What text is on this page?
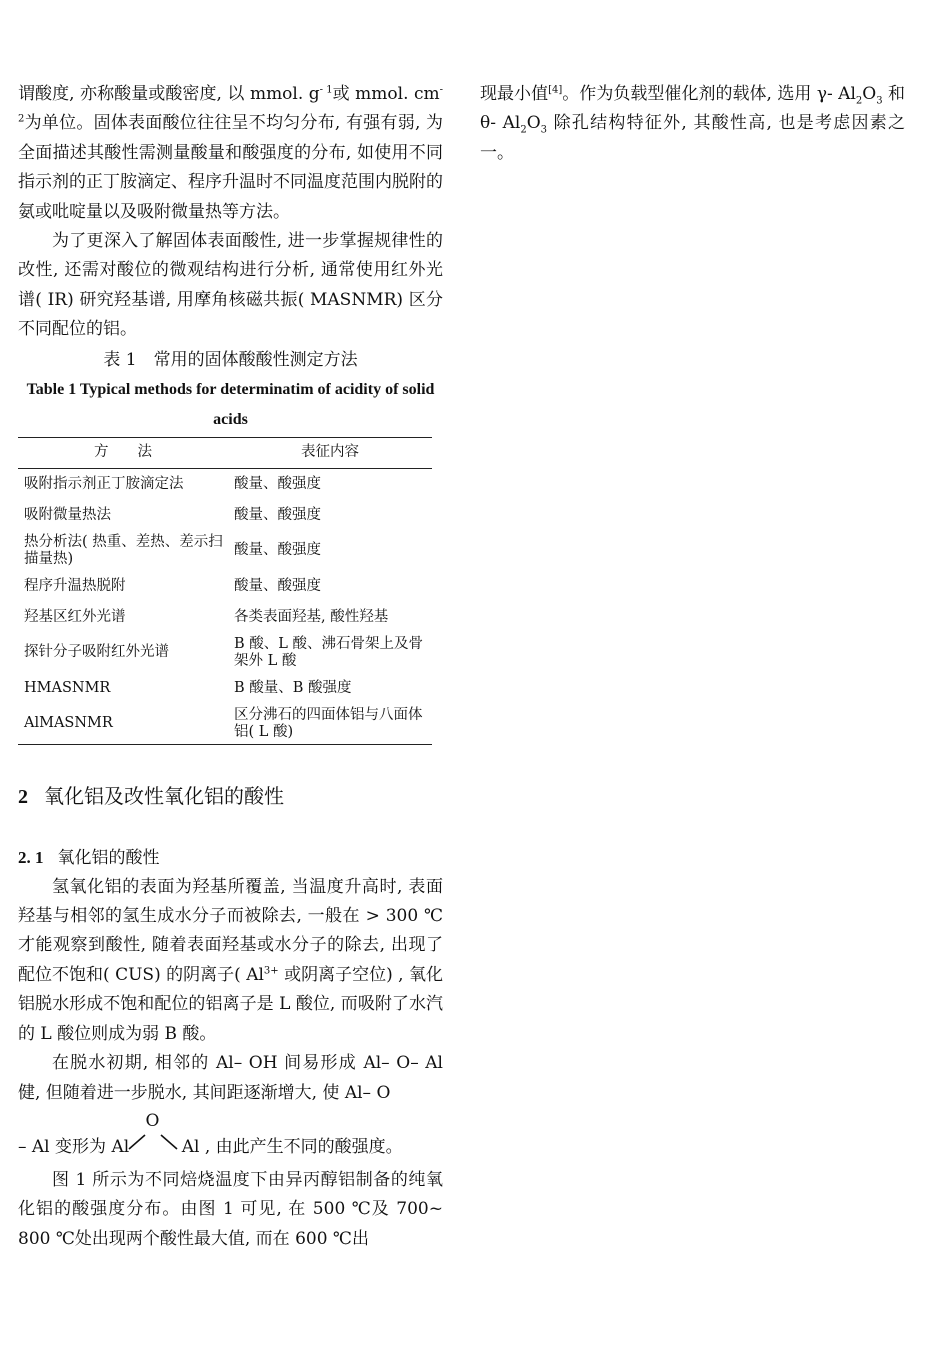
谓酸度, 亦称酸量或酸密度, 以 mmol. $g^{- 1}$或 mmol. $cm^{- 2}$为单位。固体表面酸位往往呈不均匀分布, 有强有弱, 为全面描述其酸性需测量酸量和酸强度的分布, 如使用不同指示剂的正丁胺滴定、程序升温时不同温度范围内脱附的氨或吡啶量以及吸附微量热等方法。

为了更深入了解固体表面酸性, 进一步掌握规律性的改性, 还需对酸位的微观结构进行分析, 通常使用红外光谱( IR) 研究羟基谱, 用摩角核磁共振( MASNMR) 区分不同配位的铝。

表 1　常用的固体酸酸性测定方法
Table 1 Typical methods for determinatim of acidity of solid acids
方　　法	表征内容
吸附指示剂正丁胺滴定法	酸量、酸强度
吸附微量热法	酸量、酸强度
热分析法( 热重、差热、差示扫描量热)	酸量、酸强度
程序升温热脱附	酸量、酸强度
羟基区红外光谱	各类表面羟基, 酸性羟基
探针分子吸附红外光谱	B 酸、L 酸、沸石骨架上及骨架外 L 酸
HMASNMR	B 酸量、B 酸强度
AlMASNMR	区分沸石的四面体铝与八面体铝( L 酸)
2 氧化铝及改性氧化铝的酸性
2. 1 氧化铝的酸性

氢氧化铝的表面为羟基所覆盖, 当温度升高时, 表面羟基与相邻的氢生成水分子而被除去, 一般在 > 300 ℃才能观察到酸性, 随着表面羟基或水分子的除去, 出现了配位不饱和( CUS) 的阴离子( $Al^{3+}$ 或阴离子空位) , 氧化铝脱水形成不饱和配位的铝离子是 L 酸位, 而吸附了水汽的 L 酸位则成为弱 B 酸。

在脱水初期, 相邻的 Al– OH 间易形成 Al– O– Al 健, 但随着进一步脱水, 其间距逐渐增大, 使 Al– O

– Al 变形为 Al
O
Al , 由此产生不同的酸强度。

图 1 所示为不同焙烧温度下由异丙醇铝制备的纯氧化铝的酸强度分布。由图 1 可见, 在 500 ℃及 700~ 800 ℃处出现两个酸性最大值, 而在 600 ℃出

现最小值[4]。作为负载型催化剂的载体, 选用 γ- $Al_2O_3$ 和 θ- $Al_2O_3$ 除孔结构特征外, 其酸性高, 也是考虑因素之一。
